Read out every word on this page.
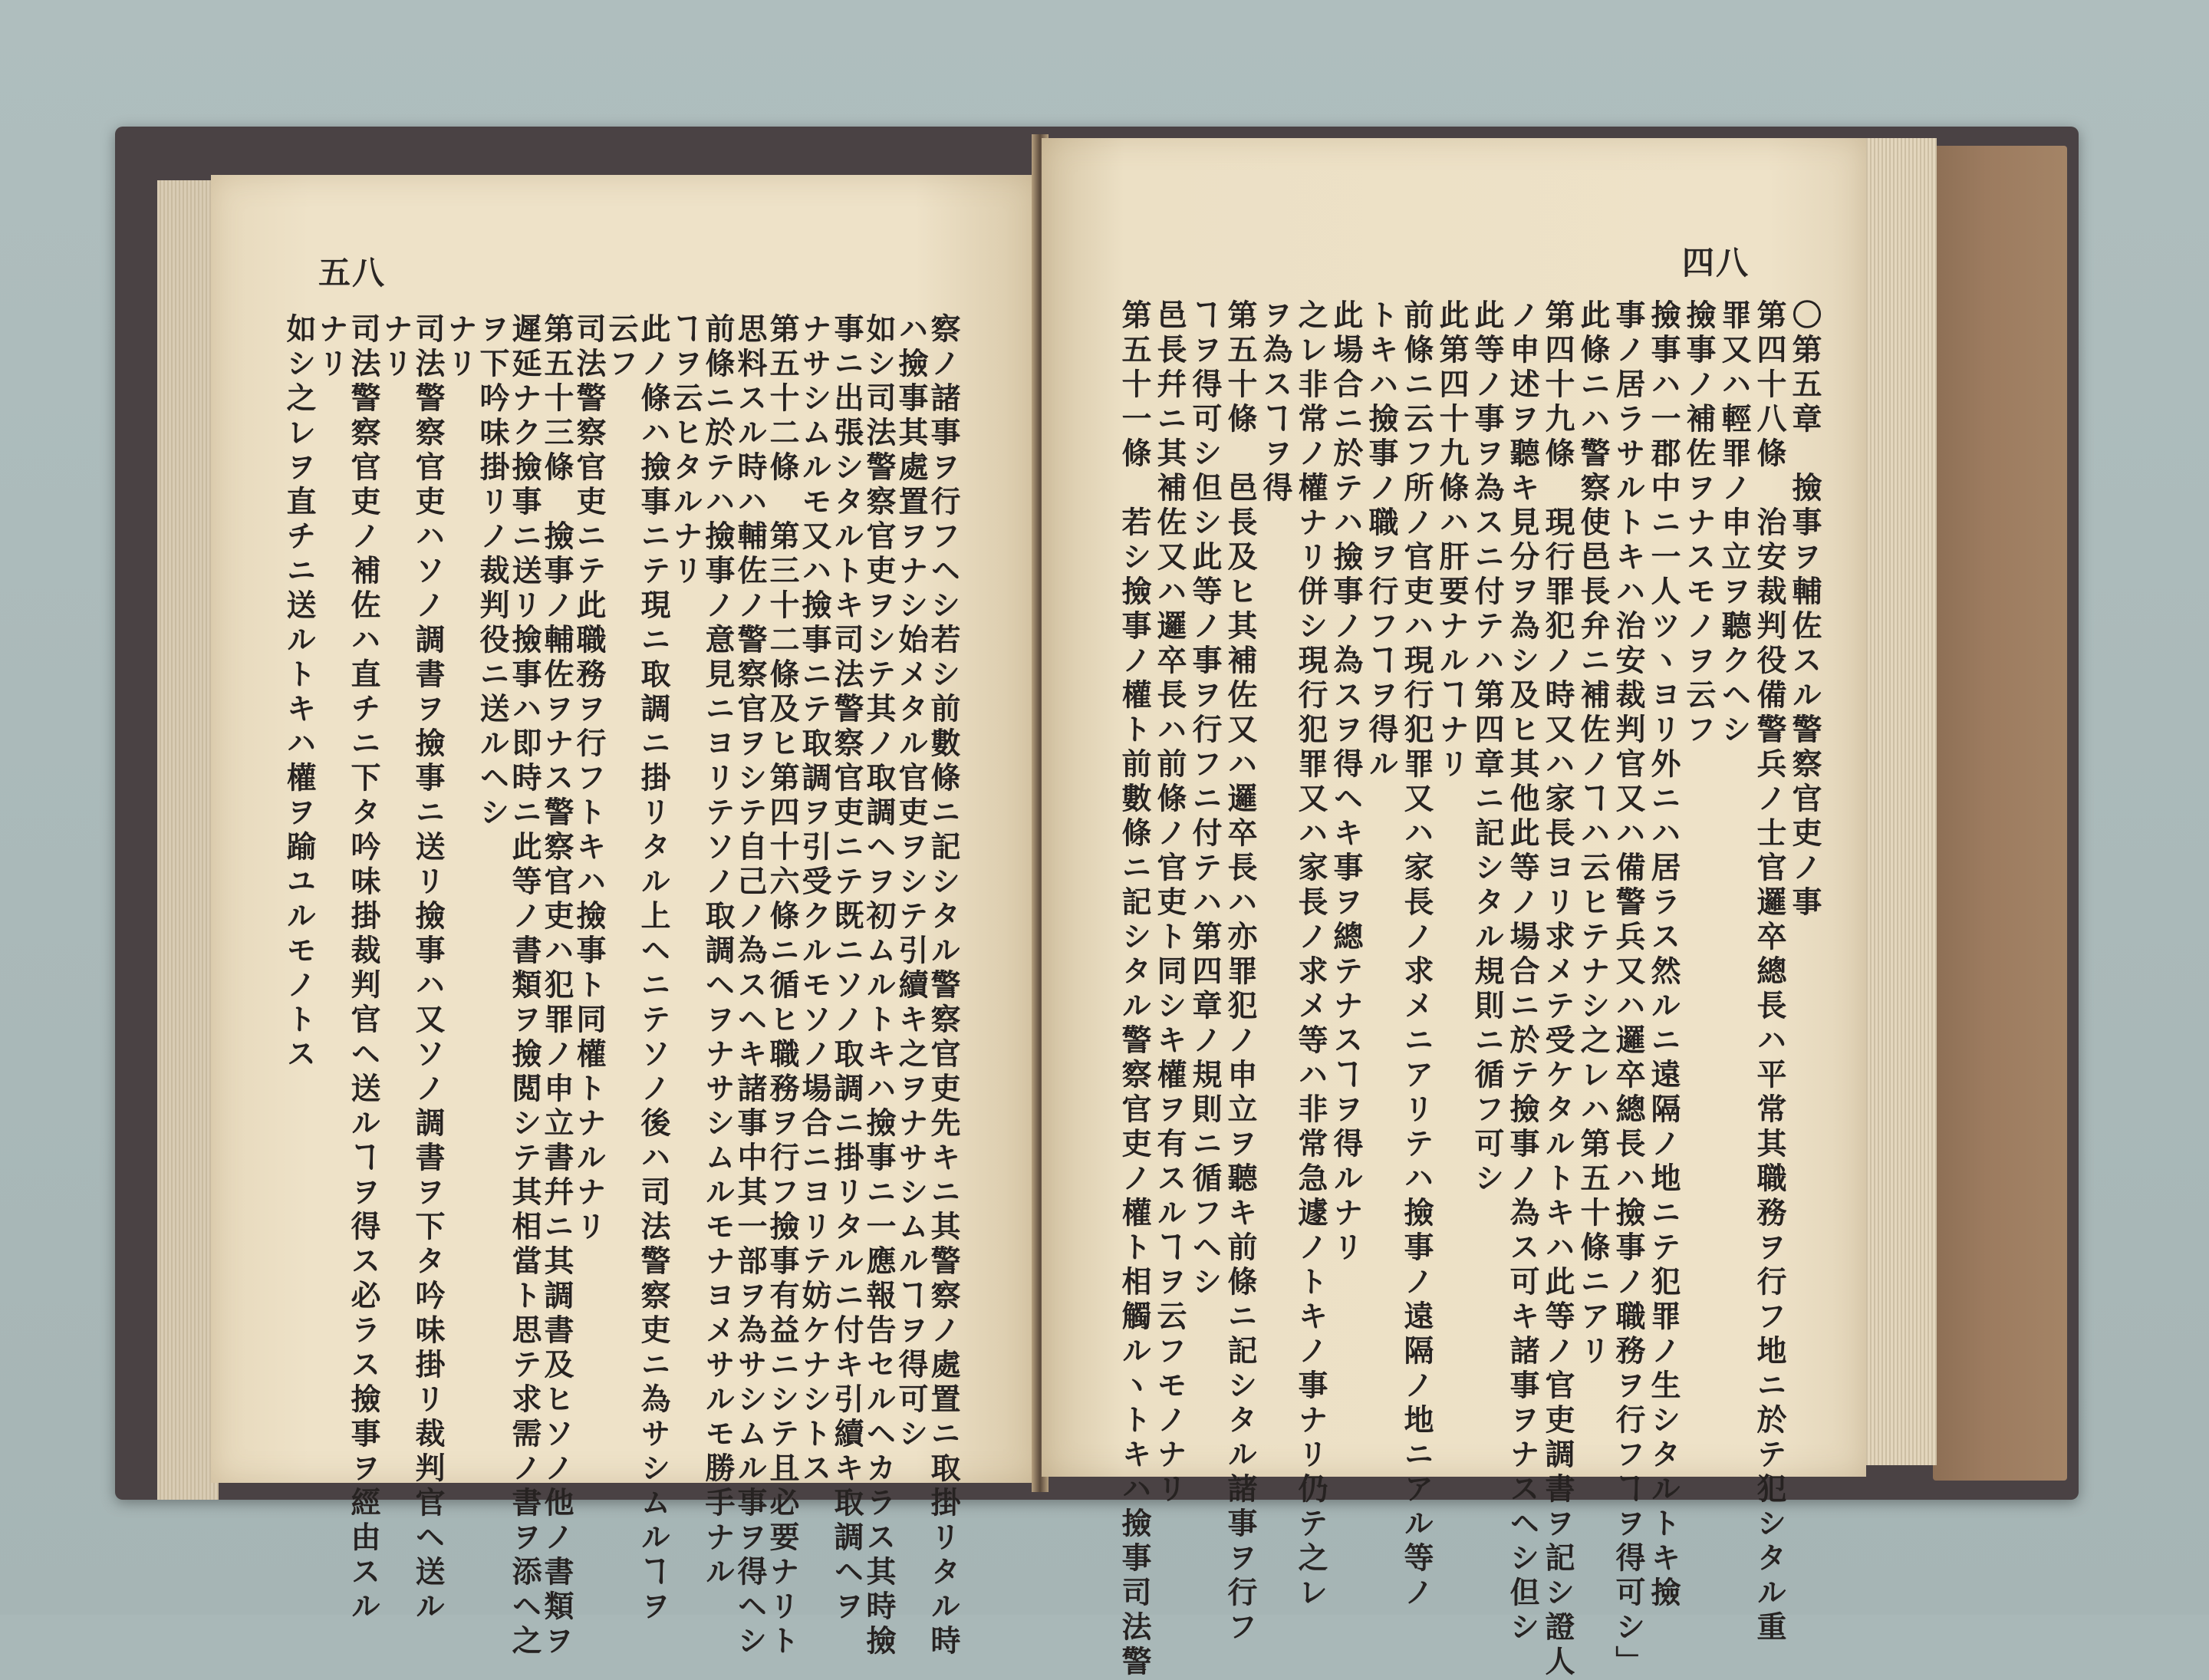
五八
察ノ諸事ヲ行フヘシ若シ前數條ニ記シタル警察官吏先キニ其警察ノ處置ニ取掛リタル時
ハ撿事其處置ヲナシ始メタル官吏ヲシテ引續キ之ヲナサシムルヿヲ得可シ
如シ司法警察官吏ヲシテ其ノ取調ヘヲ初ムルトキハ撿事ニ一應報告セルヘカラス其時撿
事ニ出張シタルトキ司法警察官吏ニテ既ニソノ取調ニ掛リタルニ付キ引續キ取調ヘヲ
ナサシムルモ又ハ撿事ニテ取調ヲ引受クルモソノ場合ニヨリテ妨ケナシトス
第五十二條　第三十二條及ヒ第四十六條ニ循ヒ職務ヲ行フ撿事有益ニシテ且必要ナリト
思料スル時ハ輔佐ノ警察官ヲシテ自己ノ為スヘキ諸事中其一部ヲ為サシムル事ヲ得ヘシ
前條ニ於テハ撿事ノ意見ニヨリテソノ取調ヘヲナサシムルモナヨメサルモ勝手ナル
ヿヲ云ヒタルナリ
此ノ條ハ撿事ニテ現ニ取調ニ掛リタル上ヘニテソノ後ハ司法警察吏ニ為サシムルヿヲ
云フ
司法警察官吏ニテ此職務ヲ行フトキハ撿事ト同權トナルナリ
第五十三條　撿事ノ輔佐ヲナス警察官吏ハ犯罪ノ申立書幷ニ其調書及ヒソノ他ノ書類ヲ
遲延ナク撿事ニ送リ撿事ハ即時ニ此等ノ書類ヲ撿閲シテ其相當ト思テ求需ノ書ヲ添ヘ之
ヲ下吟味掛リノ裁判役ニ送ルヘシ
ナリ
司法警察官吏ハソノ調書ヲ撿事ニ送リ撿事ハ又ソノ調書ヲ下タ吟味掛リ裁判官ヘ送ル
ナリ
司法警察官吏ノ補佐ハ直チニ下タ吟味掛裁判官ヘ送ルヿヲ得ス必ラス撿事ヲ經由スル
ナリ
如シ之レヲ直チニ送ルトキハ權ヲ踰ユルモノトス
四八
〇第五章　撿事ヲ輔佐スル警察官吏ノ事
第四十八條　治安裁判役備警兵ノ士官邏卒總長ハ平常其職務ヲ行フ地ニ於テ犯シタル重
罪又ハ輕罪ノ申立ヲ聽クヘシ
撿事ノ補佐ヲナスモノヲ云フ
撿事ハ一郡中ニ一人ツヽヨリ外ニハ居ラス然ルニ遠隔ノ地ニテ犯罪ノ生シタルトキ撿
事ノ居ラサルトキハ治安裁判官又ハ備警兵又ハ邏卒總長ハ撿事ノ職務ヲ行フヿヲ得可シ」
此條ニハ警察使邑長弁ニ補佐ノヿハ云ヒテナシ之レハ第五十條ニアリ
第四十九條　現行罪犯ノ時又ハ家長ヨリ求メテ受ケタルトキハ此等ノ官吏調書ヲ記シ證人
ノ申述ヲ聽キ見分ヲ為シ及ヒ其他此等ノ場合ニ於テ撿事ノ為ス可キ諸事ヲナスヘシ但シ
此等ノ事ヲ為スニ付テハ第四章ニ記シタル規則ニ循フ可シ
此第四十九條ハ肝要ナルヿナリ
前條ニ云フ所ノ官吏ハ現行犯罪又ハ家長ノ求メニアリテハ撿事ノ遠隔ノ地ニアル等ノ
トキハ撿事ノ職ヲ行フヿヲ得ル
此場合ニ於テハ撿事ノ為スヲ得ヘキ事ヲ總テナスヿヲ得ルナリ
之レ非常ノ權ナリ併シ現行犯罪又ハ家長ノ求メ等ハ非常急遽ノトキノ事ナリ仍テ之レ
ヲ為スヿヲ得
第五十條　邑長及ヒ其補佐又ハ邏卒長ハ亦罪犯ノ申立ヲ聽キ前條ニ記シタル諸事ヲ行フ
ヿヲ得可シ但シ此等ノ事ヲ行フニ付テハ第四章ノ規則ニ循フヘシ
邑長幷ニ其補佐又ハ邏卒長ハ前條ノ官吏ト同シキ權ヲ有スルヿヲ云フモノナリ
第五十一條　若シ撿事ノ權ト前數條ニ記シタル警察官吏ノ權ト相觸ルヽトキハ撿事司法警
